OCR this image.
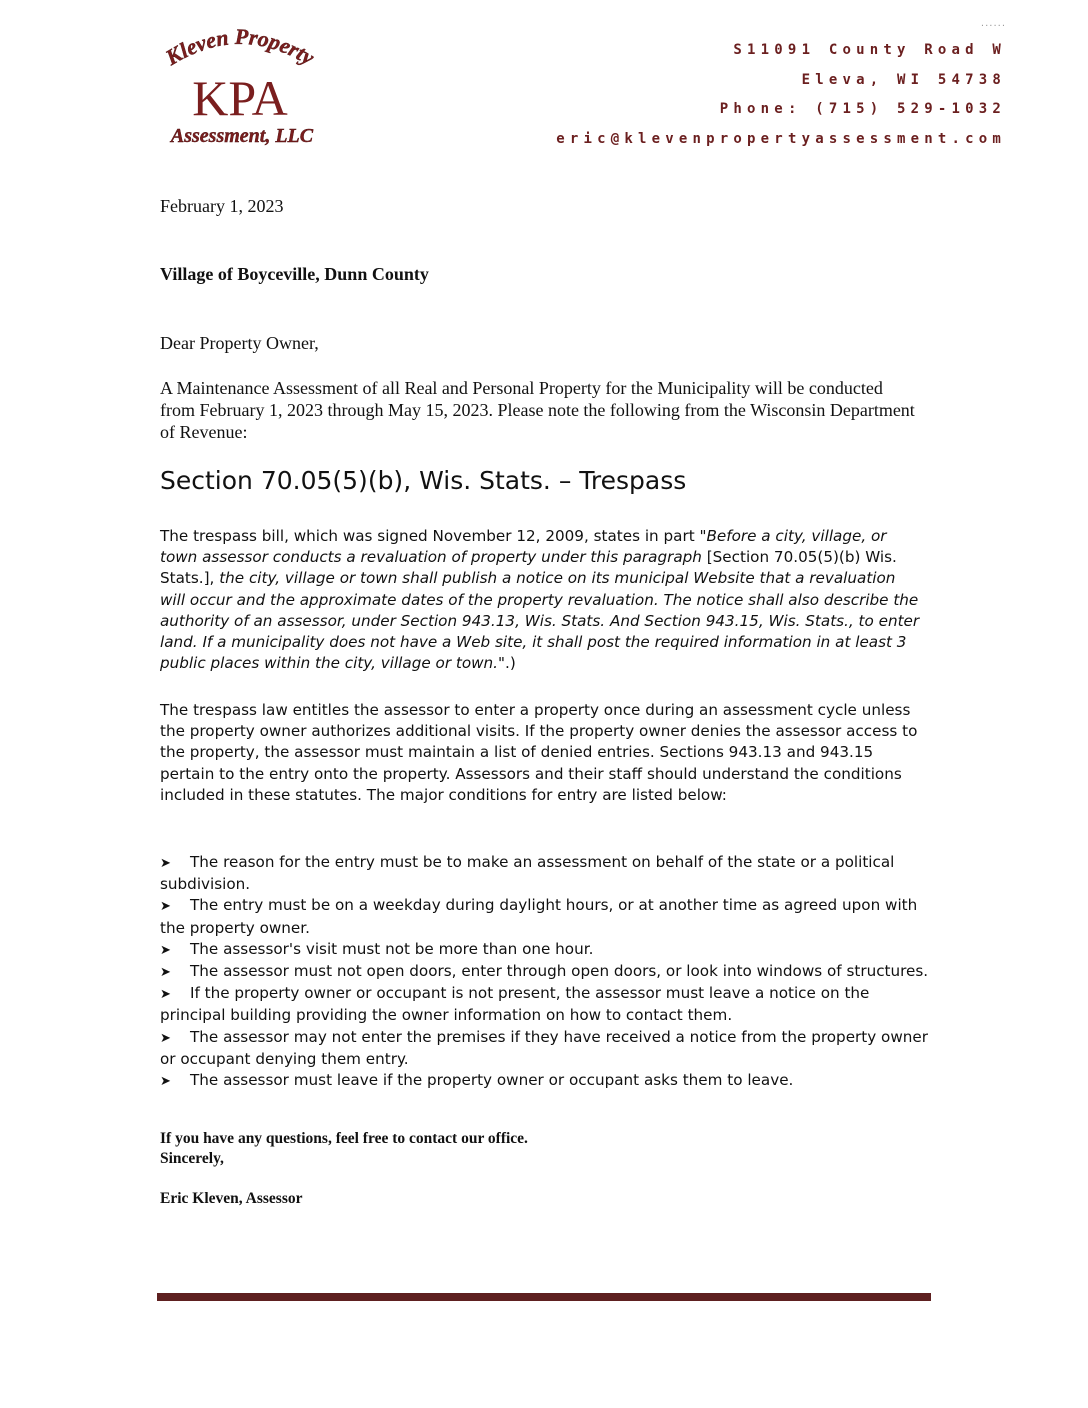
Kleven Property
KPA
Assessment, LLC
......
S11091 County Road W
Eleva, WI 54738
Phone: (715) 529-1032
eric@klevenpropertyassessment.com
February 1, 2023
Village of Boyceville, Dunn County
Dear Property Owner,
A Maintenance Assessment of all Real and Personal Property for the Municipality will be conducted from February 1, 2023 through May 15, 2023. Please note the following from the Wisconsin Department of Revenue:
Section 70.05(5)(b), Wis. Stats. – Trespass
The trespass bill, which was signed November 12, 2009, states in part "Before a city, village, or town assessor conducts a revaluation of property under this paragraph [Section 70.05(5)(b) Wis. Stats.], the city, village or town shall publish a notice on its municipal Website that a revaluation will occur and the approximate dates of the property revaluation. The notice shall also describe the authority of an assessor, under Section 943.13, Wis. Stats. And Section 943.15, Wis. Stats., to enter land. If a municipality does not have a Web site, it shall post the required information in at least 3 public places within the city, village or town.".)
The trespass law entitles the assessor to enter a property once during an assessment cycle unless the property owner authorizes additional visits. If the property owner denies the assessor access to the property, the assessor must maintain a list of denied entries. Sections 943.13 and 943.15 pertain to the entry onto the property. Assessors and their staff should understand the conditions included in these statutes. The major conditions for entry are listed below:
➤ The reason for the entry must be to make an assessment on behalf of the state or a political subdivision.
➤ The entry must be on a weekday during daylight hours, or at another time as agreed upon with the property owner.
➤ The assessor's visit must not be more than one hour.
➤ The assessor must not open doors, enter through open doors, or look into windows of structures.
➤ If the property owner or occupant is not present, the assessor must leave a notice on the principal building providing the owner information on how to contact them.
➤ The assessor may not enter the premises if they have received a notice from the property owner or occupant denying them entry.
➤ The assessor must leave if the property owner or occupant asks them to leave.
If you have any questions, feel free to contact our office.
Sincerely,
Eric Kleven, Assessor
